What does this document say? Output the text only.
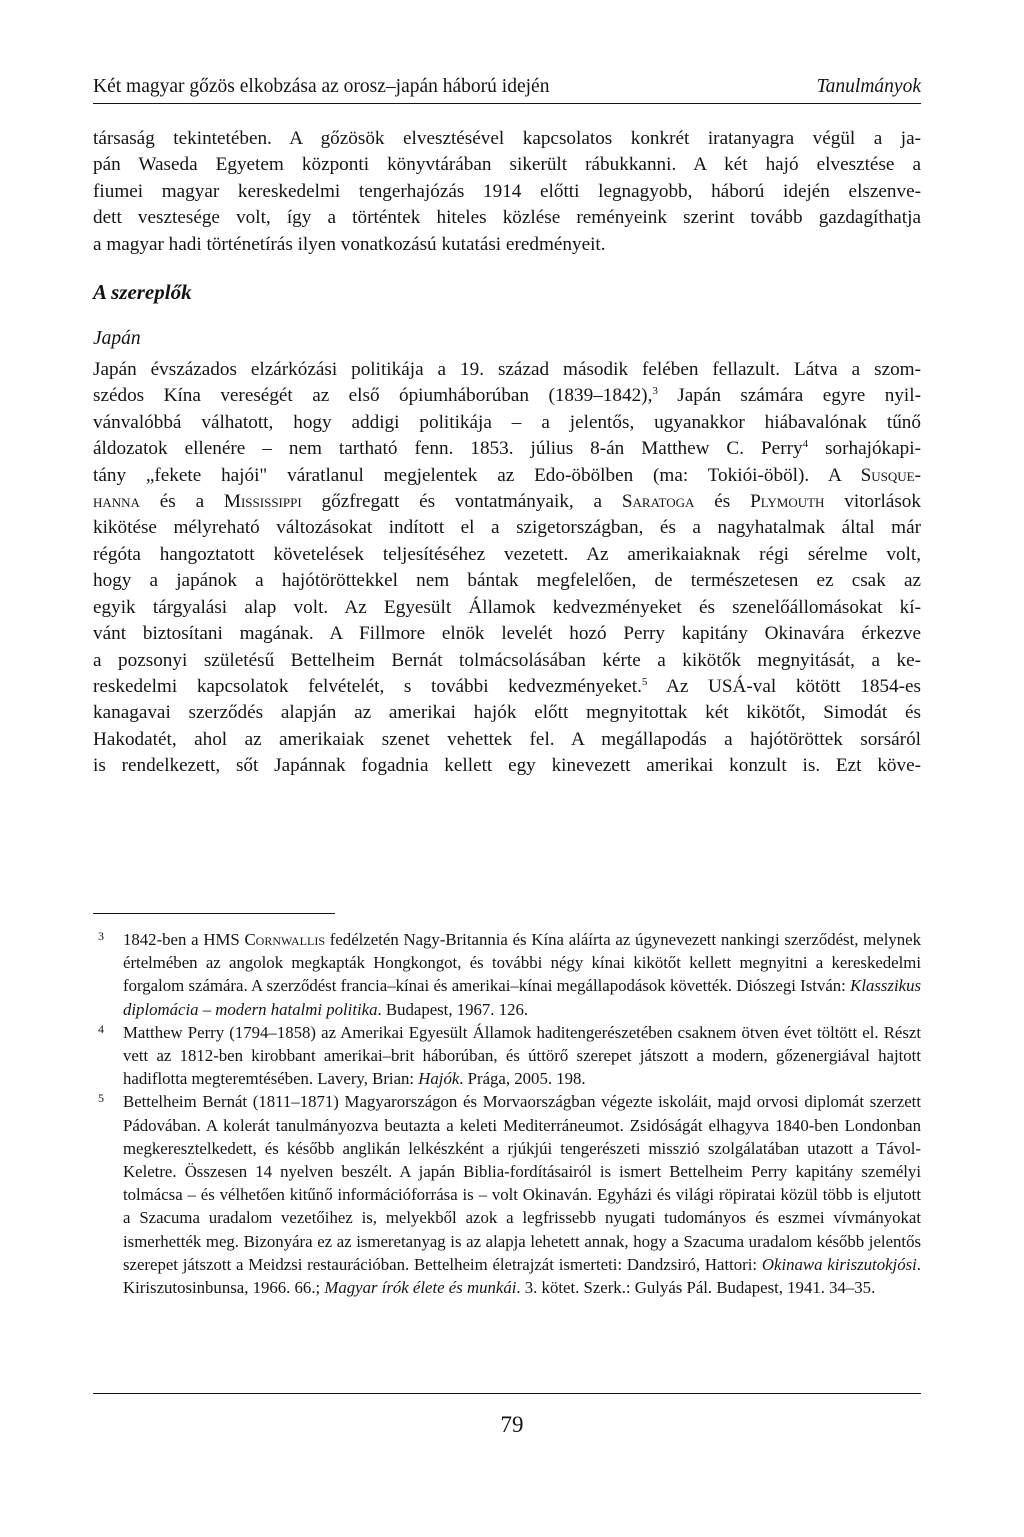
Két magyar gőzös elkobzása az orosz–japán háború idején	Tanulmányok
társaság tekintetében. A gőzösök elvesztésével kapcsolatos konkrét iratanyagra végül a ja-
pán Waseda Egyetem központi könyvtárában sikerült rábukkanni. A két hajó elvesztése a
fiumei magyar kereskedelmi tengerhajózás 1914 előtti legnagyobb, háború idején elszenve-
dett vesztesége volt, így a történtek hiteles közlése reményeink szerint tovább gazdagíthatja
a magyar hadi történetírás ilyen vonatkozású kutatási eredményeit.
A szereplők
Japán
Japán évszázados elzárkózási politikája a 19. század második felében fellazult. Látva a szom-
szédos Kína vereségét az első ópiumháborúban (1839–1842),$^3$ Japán számára egyre nyil-
vánvalóbbá válhatott, hogy addigi politikája – a jelentős, ugyanakkor hiábavalónak tűnő
áldozatok ellenére – nem tartható fenn. 1853. július 8-án Matthew C. Perry$^4$ sorhajókapi-
tány „fekete hajói" váratlanul megjelentek az Edo-öbölben (ma: Tokiói-öböl). A Susque-
hanna és a Mississippi gőzfregatt és vontatmányaik, a Saratoga és Plymouth vitorlások
kikötése mélyreható változásokat indított el a szigetországban, és a nagyhatalmak által már
régóta hangoztatott követelések teljesítéséhez vezetett. Az amerikaiaknak régi sérelme volt,
hogy a japánok a hajótöröttekkel nem bántak megfelelően, de természetesen ez csak az
egyik tárgyalási alap volt. Az Egyesült Államok kedvezményeket és szenelőállomásokat kí-
vánt biztosítani magának. A Fillmore elnök levelét hozó Perry kapitány Okinavára érkezve
a pozsonyi születésű Bettelheim Bernát tolmácsolásában kérte a kikötők megnyitását, a ke-
reskedelmi kapcsolatok felvételét, s további kedvezményeket.$^5$ Az USÁ-val kötött 1854-es
kanagavai szerződés alapján az amerikai hajók előtt megnyitottak két kikötőt, Simodát és
Hakodatét, ahol az amerikaiak szenet vehettek fel. A megállapodás a hajótöröttek sorsáról
is rendelkezett, sőt Japánnak fogadnia kellett egy kinevezett amerikai konzult is. Ezt köve-
3 1842-ben a HMS Cornwallis fedélzetén Nagy-Britannia és Kína aláírta az úgynevezett nankingi szerződést, melynek értelmében az angolok megkapták Hongkongot, és további négy kínai kikötőt kellett megnyitni a kereskedelmi forgalom számára. A szerződést francia–kínai és amerikai–kínai megállapodások követték. Diószegi István: Klasszikus diplomácia – modern hatalmi politika. Budapest, 1967. 126.
4 Matthew Perry (1794–1858) az Amerikai Egyesült Államok haditengerészetében csaknem ötven évet töltött el. Részt vett az 1812-ben kirobbant amerikai–brit háborúban, és úttörő szerepet játszott a modern, gőzenergiával hajtott hadiflotta megteremtésében. Lavery, Brian: Hajók. Prága, 2005. 198.
5 Bettelheim Bernát (1811–1871) Magyarországon és Morvaországban végezte iskoláit, majd orvosi diplomát szerzett Pádovában. A kolerát tanulmányozva beutazta a keleti Mediterráneumot. Zsidóságát elhagyva 1840-ben Londonban megkeresztelkedett, és később anglikán lelkészként a rjúkjúi tengerészeti misszió szolgálatában utazott a Távol-Keletre. Összesen 14 nyelven beszélt. A japán Biblia-fordításairól is ismert Bettelheim Perry kapitány személyi tolmácsa – és vélhetően kitűnő információforrása is – volt Okinaván. Egyházi és világi röpiratai közül több is eljutott a Szacuma uradalom vezetőihez is, melyekből azok a legfrissebb nyugati tudományos és eszmei vívmányokat ismerhették meg. Bizonyára ez az ismeretanyag is az alapja lehetett annak, hogy a Szacuma uradalom később jelentős szerepet játszott a Meidzsi restaurációban. Bettelheim életrajzát ismerteti: Dandzsiró, Hattori: Okinawa kiriszutokjósi. Kiriszutosinbunsa, 1966. 66.; Magyar írók élete és munkái. 3. kötet. Szerk.: Gulyás Pál. Budapest, 1941. 34–35.
79
